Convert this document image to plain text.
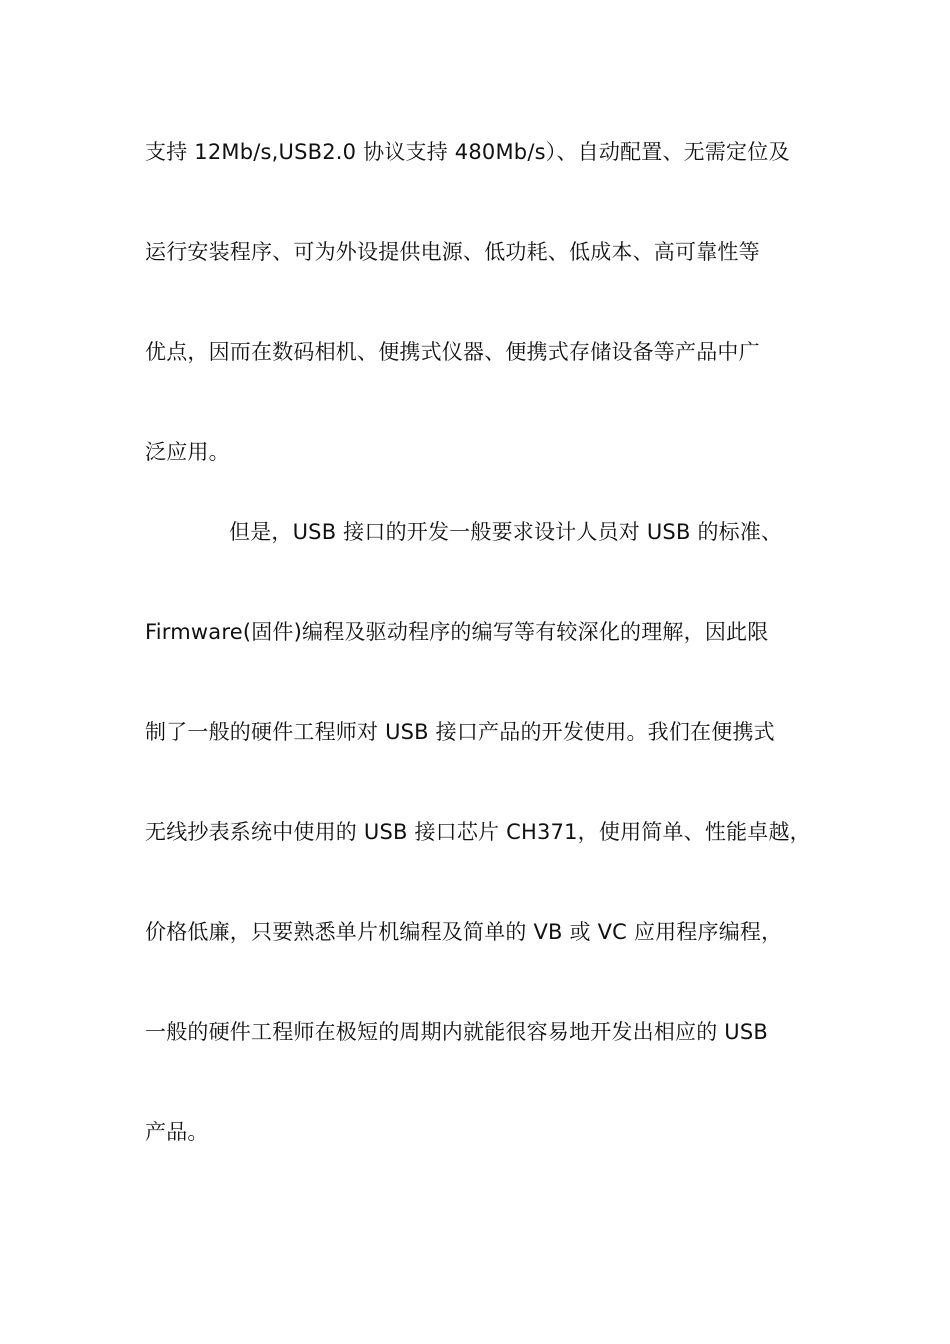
支持 12Mb/s,USB2.0 协议支持 480Mb/s）、自动配置、无需定位及

运行安装程序、可为外设提供电源、低功耗、低成本、高可靠性等

优点，因而在数码相机、便携式仪器、便携式存储设备等产品中广

泛应用。

但是，USB 接口的开发一般要求设计人员对 USB 的标准、

Firmware(固件)编程及驱动程序的编写等有较深化的理解，因此限

制了一般的硬件工程师对 USB 接口产品的开发使用。我们在便携式

无线抄表系统中使用的 USB 接口芯片 CH371，使用简单、性能卓越，

价格低廉，只要熟悉单片机编程及简单的 VB 或 VC 应用程序编程，

一般的硬件工程师在极短的周期内就能很容易地开发出相应的 USB

产品。
